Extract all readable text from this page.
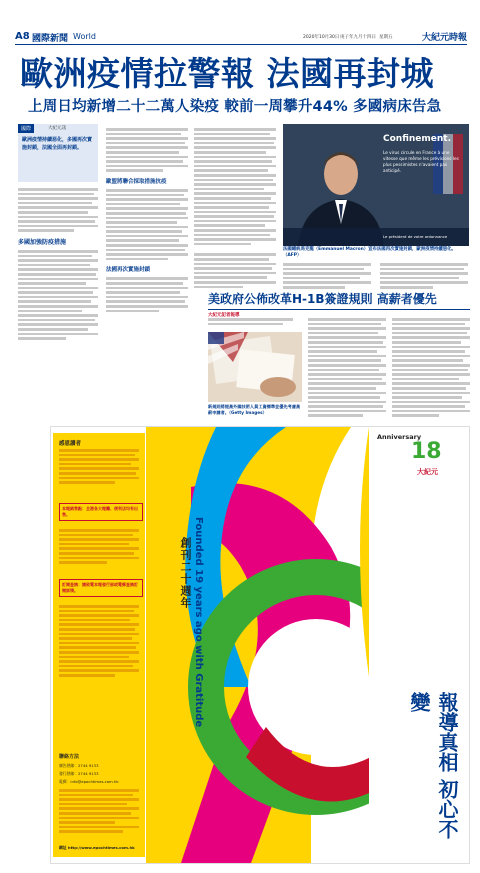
A8 國際新聞 World	2020年10月30日 庚子年九月十四日 星期五	大紀元時報
歐洲疫情拉警報 法國再封城
上周日均新增二十二萬人染疫 較前一周攀升44% 多國病床告急
國際	大紀元訊
歐洲疫情持續惡化，多國再次實施封鎖，法國全面再封鎖。
多國加強防疫措施
歐盟將聯合採取措施抗疫
法國再次實施封鎖
Confinement.
Le virus circule en France à une vitesse que même les prévisions les plus pessimistes n'avaient pas anticipé.
Le président de votre ordonnance
法國總統馬克龍（Emmanuel Macron）宣布法國再次實施封鎖，歐洲疫情持續惡化。（AFP）
美政府公佈改革H-1B簽證規則 高薪者優先
大紀元記者報導
新規則將提高外國技術人員工資標準並優先考慮高薪申請者。（Getty Images）
感恩讀者
本報銷售點：全港各大報攤、便利店均有出售。
訂閱查詢：請致電本報發行部或電郵查詢訂閱詳情。
聯絡方法
廣告熱線：2744 9133
發行熱線：2744 9133
電郵：info@epochtimes.com.hk
網址 http://www.epochtimes.com.hk
創刊二十週年 Founded 19 years ago with Gratitude
Anniversary
18
大紀元
報導真相 初心不變
